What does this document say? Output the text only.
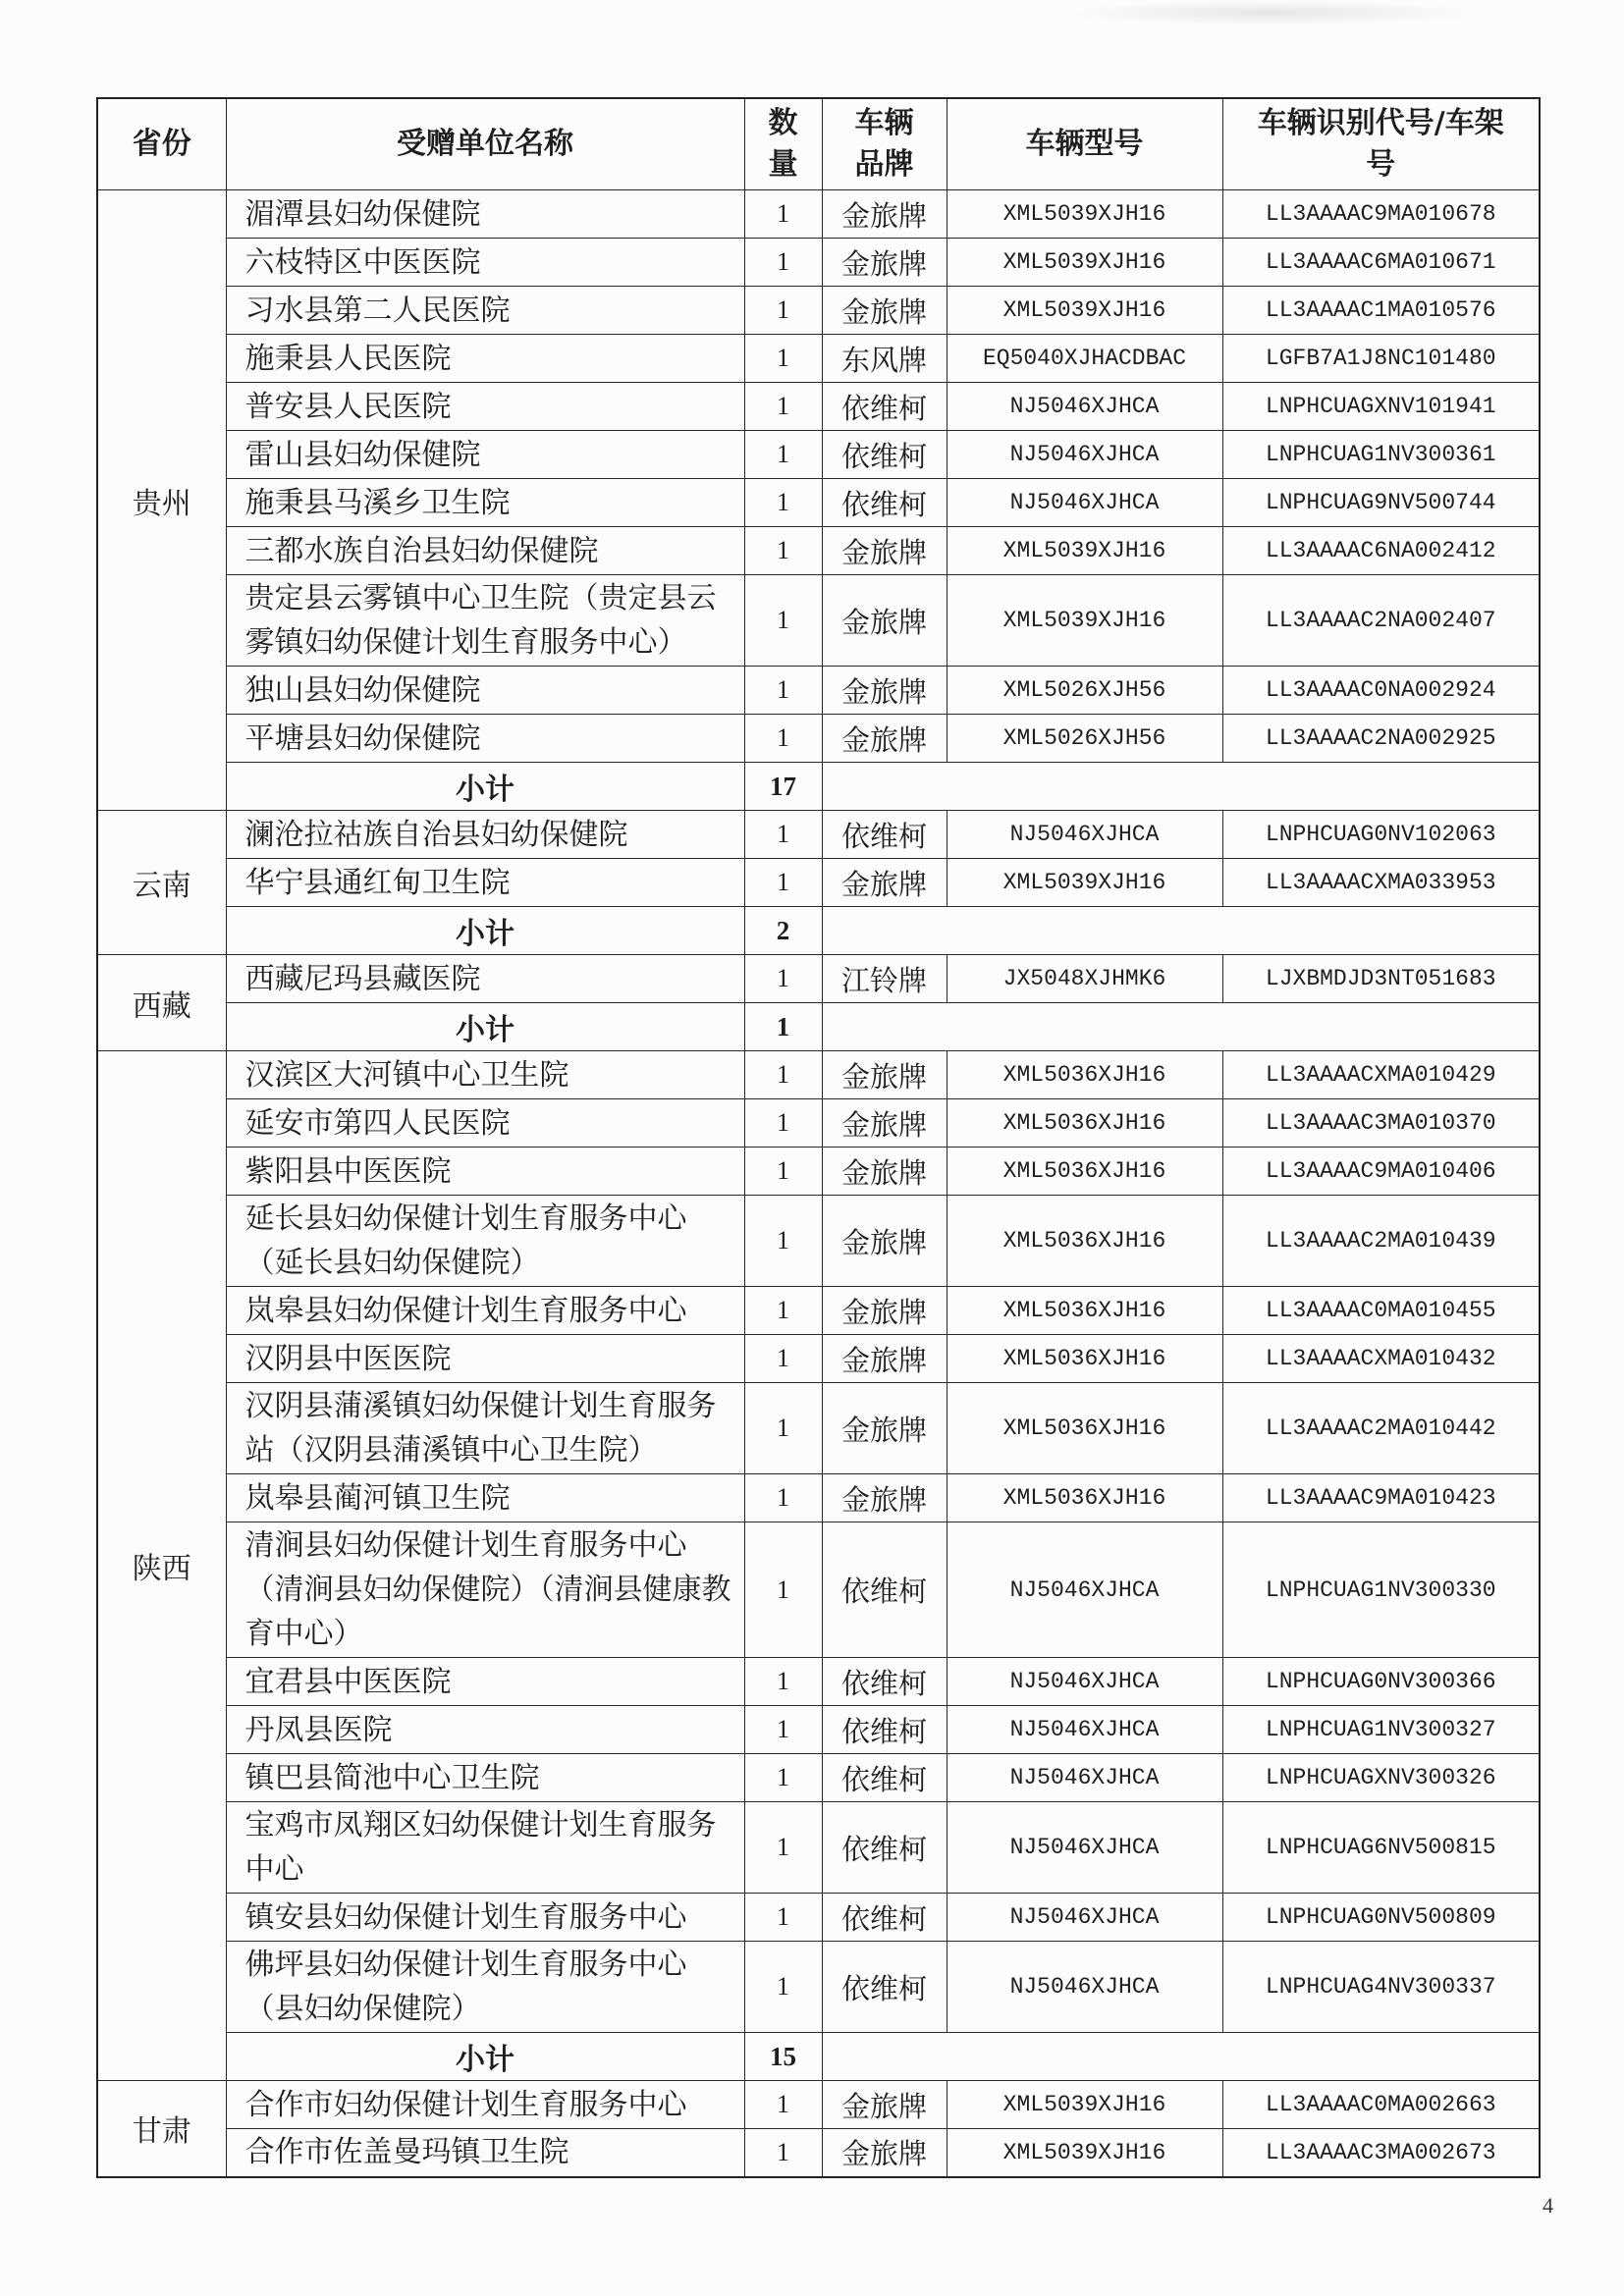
省份	受赠单位名称	数量	车辆品牌	车辆型号	车辆识别代号/车架号
贵州	湄潭县妇幼保健院	1	金旅牌	XML5039XJH16	LL3AAAAC9MA010678
	六枝特区中医医院	1	金旅牌	XML5039XJH16	LL3AAAAC6MA010671
	习水县第二人民医院	1	金旅牌	XML5039XJH16	LL3AAAAC1MA010576
	施秉县人民医院	1	东风牌	EQ5040XJHACDBAC	LGFB7A1J8NC101480
	普安县人民医院	1	依维柯	NJ5046XJHCA	LNPHCUAGXNV101941
	雷山县妇幼保健院	1	依维柯	NJ5046XJHCA	LNPHCUAG1NV300361
	施秉县马溪乡卫生院	1	依维柯	NJ5046XJHCA	LNPHCUAG9NV500744
	三都水族自治县妇幼保健院	1	金旅牌	XML5039XJH16	LL3AAAAC6NA002412
	贵定县云雾镇中心卫生院（贵定县云雾镇妇幼保健计划生育服务中心）	1	金旅牌	XML5039XJH16	LL3AAAAC2NA002407
	独山县妇幼保健院	1	金旅牌	XML5026XJH56	LL3AAAAC0NA002924
	平塘县妇幼保健院	1	金旅牌	XML5026XJH56	LL3AAAAC2NA002925
	小计	17			
云南	澜沧拉祜族自治县妇幼保健院	1	依维柯	NJ5046XJHCA	LNPHCUAG0NV102063
	华宁县通红甸卫生院	1	金旅牌	XML5039XJH16	LL3AAAACXMA033953
	小计	2			
西藏	西藏尼玛县藏医院	1	江铃牌	JX5048XJHMK6	LJXBMDJD3NT051683
	小计	1			
陕西	汉滨区大河镇中心卫生院	1	金旅牌	XML5036XJH16	LL3AAAACXMA010429
	延安市第四人民医院	1	金旅牌	XML5036XJH16	LL3AAAAC3MA010370
	紫阳县中医医院	1	金旅牌	XML5036XJH16	LL3AAAAC9MA010406
	延长县妇幼保健计划生育服务中心（延长县妇幼保健院）	1	金旅牌	XML5036XJH16	LL3AAAAC2MA010439
	岚皋县妇幼保健计划生育服务中心	1	金旅牌	XML5036XJH16	LL3AAAAC0MA010455
	汉阴县中医医院	1	金旅牌	XML5036XJH16	LL3AAAACXMA010432
	汉阴县蒲溪镇妇幼保健计划生育服务站（汉阴县蒲溪镇中心卫生院）	1	金旅牌	XML5036XJH16	LL3AAAAC2MA010442
	岚皋县蔺河镇卫生院	1	金旅牌	XML5036XJH16	LL3AAAAC9MA010423
	清涧县妇幼保健计划生育服务中心（清涧县妇幼保健院）（清涧县健康教育中心）	1	依维柯	NJ5046XJHCA	LNPHCUAG1NV300330
	宜君县中医医院	1	依维柯	NJ5046XJHCA	LNPHCUAG0NV300366
	丹凤县医院	1	依维柯	NJ5046XJHCA	LNPHCUAG1NV300327
	镇巴县简池中心卫生院	1	依维柯	NJ5046XJHCA	LNPHCUAGXNV300326
	宝鸡市凤翔区妇幼保健计划生育服务中心	1	依维柯	NJ5046XJHCA	LNPHCUAG6NV500815
	镇安县妇幼保健计划生育服务中心	1	依维柯	NJ5046XJHCA	LNPHCUAG0NV500809
	佛坪县妇幼保健计划生育服务中心（县妇幼保健院）	1	依维柯	NJ5046XJHCA	LNPHCUAG4NV300337
	小计	15			
甘肃	合作市妇幼保健计划生育服务中心	1	金旅牌	XML5039XJH16	LL3AAAAC0MA002663
	合作市佐盖曼玛镇卫生院	1	金旅牌	XML5039XJH16	LL3AAAAC3MA002673
4
